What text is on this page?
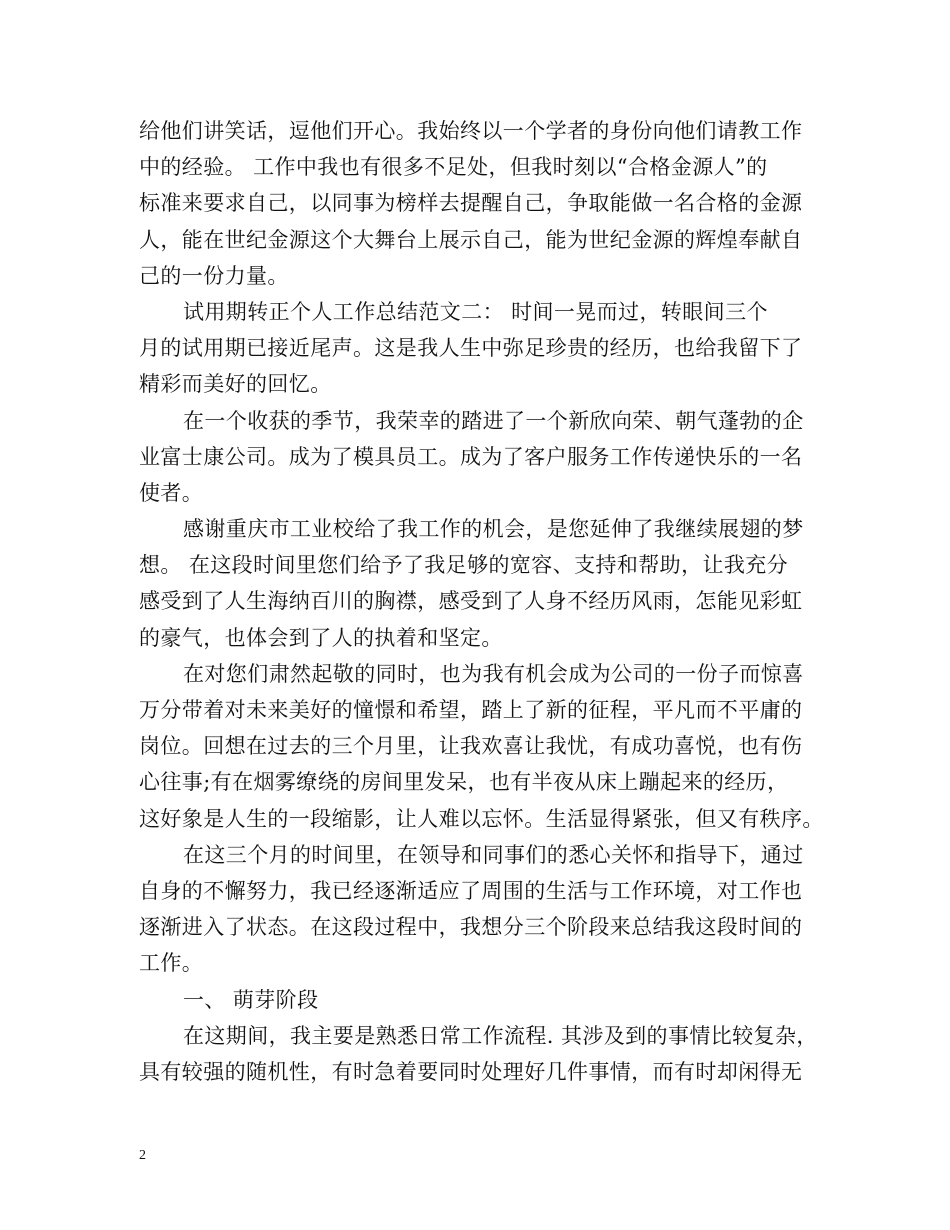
给他们讲笑话，逗他们开心。我始终以一个学者的身份向他们请教工作
中的经验。 工作中我也有很多不足处，但我时刻以“合格金源人”的
标准来要求自己，以同事为榜样去提醒自己，争取能做一名合格的金源
人，能在世纪金源这个大舞台上展示自己，能为世纪金源的辉煌奉献自
己的一份力量。
试用期转正个人工作总结范文二： 时间一晃而过，转眼间三个
月的试用期已接近尾声。这是我人生中弥足珍贵的经历，也给我留下了
精彩而美好的回忆。
在一个收获的季节，我荣幸的踏进了一个新欣向荣、朝气蓬勃的企
业富士康公司。成为了模具员工。成为了客户服务工作传递快乐的一名
使者。
感谢重庆市工业校给了我工作的机会，是您延伸了我继续展翅的梦
想。 在这段时间里您们给予了我足够的宽容、支持和帮助，让我充分
感受到了人生海纳百川的胸襟，感受到了人身不经历风雨，怎能见彩虹
的豪气，也体会到了人的执着和坚定。
在对您们肃然起敬的同时，也为我有机会成为公司的一份子而惊喜
万分带着对未来美好的憧憬和希望，踏上了新的征程，平凡而不平庸的
岗位。回想在过去的三个月里，让我欢喜让我忧，有成功喜悦，也有伤
心往事;有在烟雾缭绕的房间里发呆，也有半夜从床上蹦起来的经历，
这好象是人生的一段缩影，让人难以忘怀。生活显得紧张，但又有秩序。
在这三个月的时间里，在领导和同事们的悉心关怀和指导下，通过
自身的不懈努力，我已经逐渐适应了周围的生活与工作环境，对工作也
逐渐进入了状态。在这段过程中，我想分三个阶段来总结我这段时间的
工作。
一、 萌芽阶段
在这期间，我主要是熟悉日常工作流程. 其涉及到的事情比较复杂，
具有较强的随机性，有时急着要同时处理好几件事情，而有时却闲得无
2
